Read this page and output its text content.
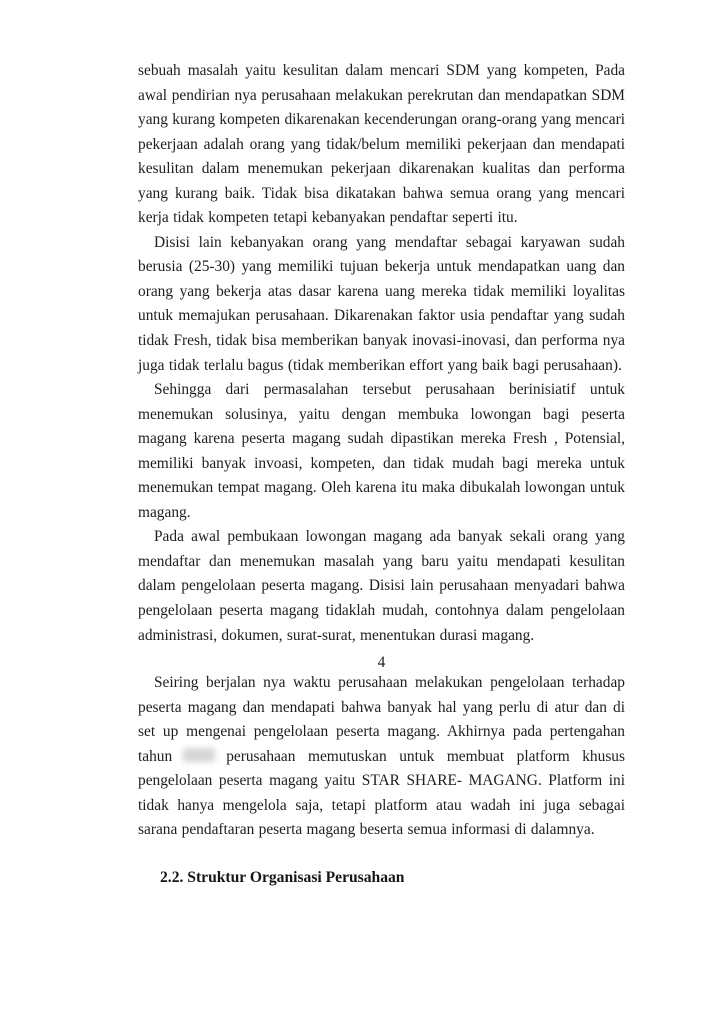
sebuah masalah yaitu kesulitan dalam mencari SDM yang kompeten, Pada awal pendirian nya perusahaan melakukan perekrutan dan mendapatkan SDM yang kurang kompeten dikarenakan kecenderungan orang-orang yang mencari pekerjaan adalah orang yang tidak/belum memiliki pekerjaan dan mendapati kesulitan dalam menemukan pekerjaan dikarenakan kualitas dan performa yang kurang baik. Tidak bisa dikatakan bahwa semua orang yang mencari kerja tidak kompeten tetapi kebanyakan pendaftar seperti itu.

Disisi lain kebanyakan orang yang mendaftar sebagai karyawan sudah berusia (25-30) yang memiliki tujuan bekerja untuk mendapatkan uang dan orang yang bekerja atas dasar karena uang mereka tidak memiliki loyalitas untuk memajukan perusahaan. Dikarenakan faktor usia pendaftar yang sudah tidak Fresh, tidak bisa memberikan banyak inovasi-inovasi, dan performa nya juga tidak terlalu bagus (tidak memberikan effort yang baik bagi perusahaan).

Sehingga dari permasalahan tersebut perusahaan berinisiatif untuk menemukan solusinya, yaitu dengan membuka lowongan bagi peserta magang karena peserta magang sudah dipastikan mereka Fresh , Potensial, memiliki banyak invoasi, kompeten, dan tidak mudah bagi mereka untuk menemukan tempat magang. Oleh karena itu maka dibukalah lowongan untuk magang.

Pada awal pembukaan lowongan magang ada banyak sekali orang yang mendaftar dan menemukan masalah yang baru yaitu mendapati kesulitan dalam pengelolaan peserta magang. Disisi lain perusahaan menyadari bahwa pengelolaan peserta magang tidaklah mudah, contohnya dalam pengelolaan administrasi, dokumen, surat-surat, menentukan durasi magang.

4

Seiring berjalan nya waktu perusahaan melakukan pengelolaan terhadap peserta magang dan mendapati bahwa banyak hal yang perlu di atur dan di set up mengenai pengelolaan peserta magang. Akhirnya pada pertengahan tahun	perusahaan memutuskan untuk membuat platform khusus pengelolaan peserta magang yaitu STAR SHARE- MAGANG. Platform ini tidak hanya mengelola saja, tetapi platform atau wadah ini juga sebagai sarana pendaftaran peserta magang beserta semua informasi di dalamnya.

2.2. Struktur Organisasi Perusahaan
